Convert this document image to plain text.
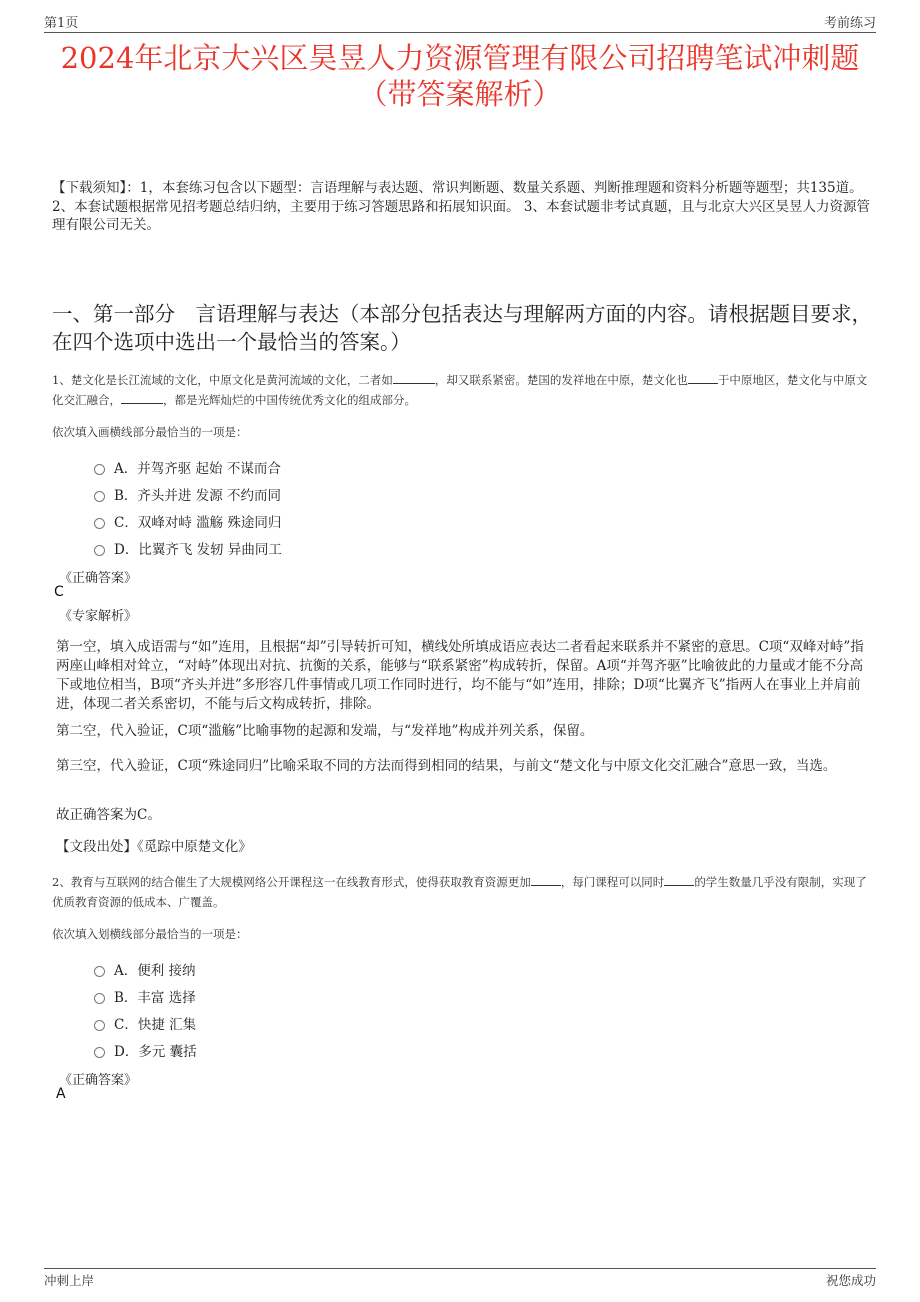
第1页	考前练习
2024年北京大兴区昊昱人力资源管理有限公司招聘笔试冲刺题
（带答案解析）
【下载须知】：1，本套练习包含以下题型：言语理解与表达题、常识判断题、数量关系题、判断推理题和资料分析题等题型；共135道。 2、本套试题根据常见招考题总结归纳，主要用于练习答题思路和拓展知识面。 3、本套试题非考试真题，且与北京大兴区昊昱人力资源管理有限公司无关。
一、第一部分　言语理解与表达（本部分包括表达与理解两方面的内容。请根据题目要求，在四个选项中选出一个最恰当的答案。）
1、楚文化是长江流域的文化，中原文化是黄河流域的文化，二者如	，却又联系紧密。楚国的发祥地在中原，楚文化也	于中原地区，楚文化与中原文化交汇融合，	，都是光辉灿烂的中国传统优秀文化的组成部分。
依次填入画横线部分最恰当的一项是：
A．并驾齐驱 起始 不谋而合
B．齐头并进 发源 不约而同
C．双峰对峙 滥觞 殊途同归
D．比翼齐飞 发轫 异曲同工
《正确答案》
C
《专家解析》
第一空，填入成语需与“如”连用，且根据“却”引导转折可知，横线处所填成语应表达二者看起来联系并不紧密的意思。C项“双峰对峙”指两座山峰相对耸立，“对峙”体现出对抗、抗衡的关系，能够与“联系紧密”构成转折，保留。A项“并驾齐驱”比喻彼此的力量或才能不分高下或地位相当，B项“齐头并进”多形容几件事情或几项工作同时进行，均不能与“如”连用，排除；D项“比翼齐飞”指两人在事业上并肩前进，体现二者关系密切，不能与后文构成转折，排除。
第二空，代入验证，C项“滥觞”比喻事物的起源和发端，与“发祥地”构成并列关系，保留。
第三空，代入验证，C项“殊途同归”比喻采取不同的方法而得到相同的结果，与前文“楚文化与中原文化交汇融合”意思一致，当选。
故正确答案为C。
【文段出处】《觅踪中原楚文化》
2、教育与互联网的结合催生了大规模网络公开课程这一在线教育形式，使得获取教育资源更加	，每门课程可以同时	的学生数量几乎没有限制，实现了优质教育资源的低成本、广覆盖。
依次填入划横线部分最恰当的一项是：
A．便利 接纳
B．丰富 选择
C．快捷 汇集
D．多元 囊括
《正确答案》
A
冲刺上岸	祝您成功
